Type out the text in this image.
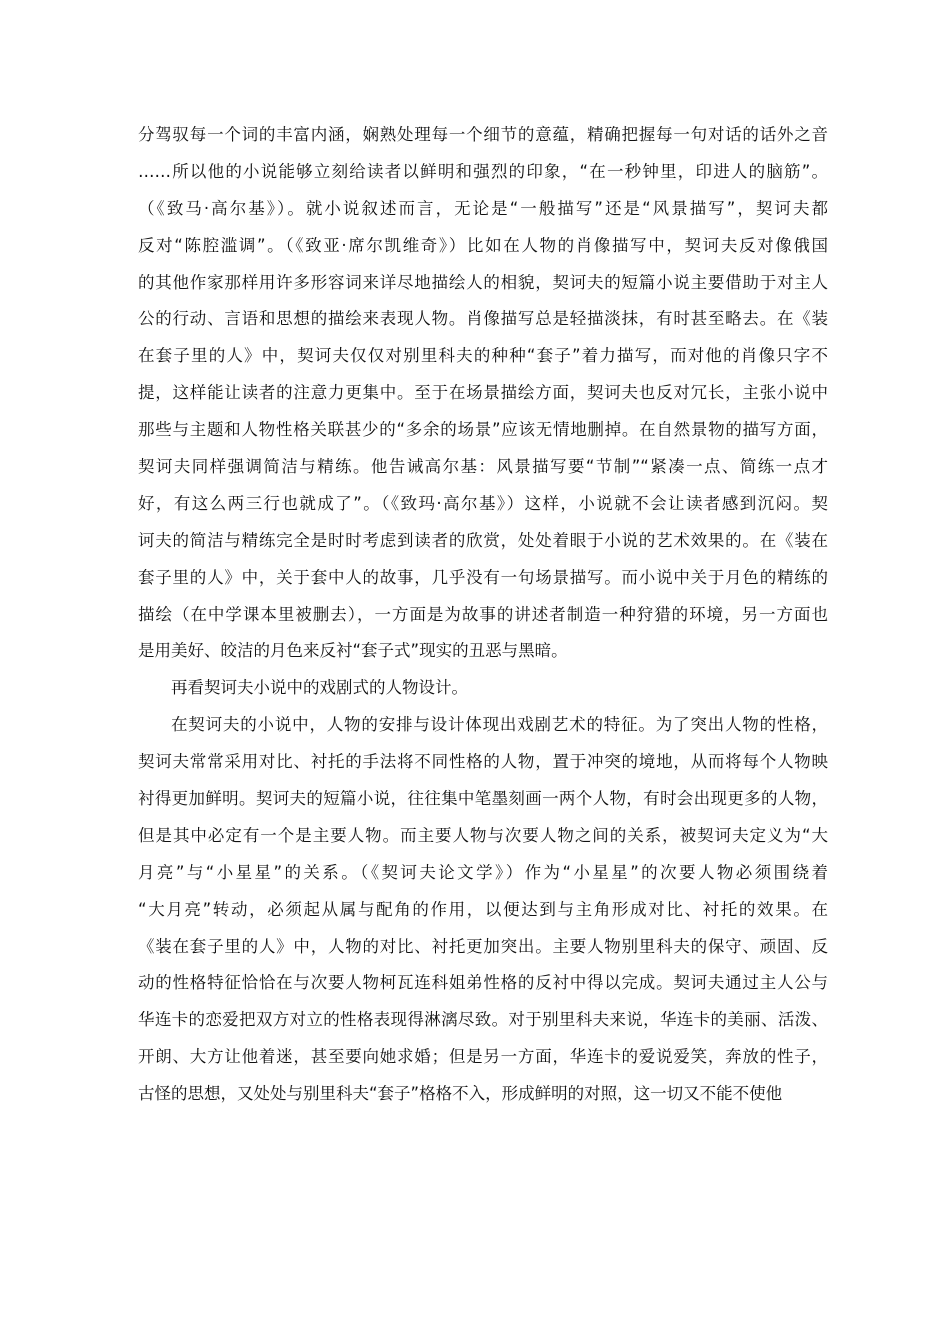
分驾驭每一个词的丰富内涵，娴熟处理每一个细节的意蕴，精确把握每一句对话的话外之音
……所以他的小说能够立刻给读者以鲜明和强烈的印象，“在一秒钟里，印进人的脑筋”。
（《致马·高尔基》）。就小说叙述而言，无论是“一般描写”还是“风景描写”，契诃夫都
反对“陈腔滥调”。（《致亚·席尔凯维奇》）比如在人物的肖像描写中，契诃夫反对像俄国
的其他作家那样用许多形容词来详尽地描绘人的相貌，契诃夫的短篇小说主要借助于对主人
公的行动、言语和思想的描绘来表现人物。肖像描写总是轻描淡抹，有时甚至略去。在《装
在套子里的人》中，契诃夫仅仅对别里科夫的种种“套子”着力描写，而对他的肖像只字不
提，这样能让读者的注意力更集中。至于在场景描绘方面，契诃夫也反对冗长，主张小说中
那些与主题和人物性格关联甚少的“多余的场景”应该无情地删掉。在自然景物的描写方面，
契诃夫同样强调简洁与精练。他告诫高尔基：风景描写要“节制”“紧凑一点、简练一点才
好，有这么两三行也就成了”。（《致玛·高尔基》）这样，小说就不会让读者感到沉闷。契
诃夫的简洁与精练完全是时时考虑到读者的欣赏，处处着眼于小说的艺术效果的。在《装在
套子里的人》中，关于套中人的故事，几乎没有一句场景描写。而小说中关于月色的精练的
描绘（在中学课本里被删去），一方面是为故事的讲述者制造一种狩猎的环境，另一方面也
是用美好、皎洁的月色来反衬“套子式”现实的丑恶与黑暗。
再看契诃夫小说中的戏剧式的人物设计。
在契诃夫的小说中，人物的安排与设计体现出戏剧艺术的特征。为了突出人物的性格，
契诃夫常常采用对比、衬托的手法将不同性格的人物，置于冲突的境地，从而将每个人物映
衬得更加鲜明。契诃夫的短篇小说，往往集中笔墨刻画一两个人物，有时会出现更多的人物，
但是其中必定有一个是主要人物。而主要人物与次要人物之间的关系，被契诃夫定义为“大
月亮”与“小星星”的关系。（《契诃夫论文学》）作为“小星星”的次要人物必须围绕着
“大月亮”转动，必须起从属与配角的作用，以便达到与主角形成对比、衬托的效果。在
《装在套子里的人》中，人物的对比、衬托更加突出。主要人物别里科夫的保守、顽固、反
动的性格特征恰恰在与次要人物柯瓦连科姐弟性格的反衬中得以完成。契诃夫通过主人公与
华连卡的恋爱把双方对立的性格表现得淋漓尽致。对于别里科夫来说，华连卡的美丽、活泼、
开朗、大方让他着迷，甚至要向她求婚；但是另一方面，华连卡的爱说爱笑，奔放的性子，
古怪的思想，又处处与别里科夫“套子”格格不入，形成鲜明的对照，这一切又不能不使他
